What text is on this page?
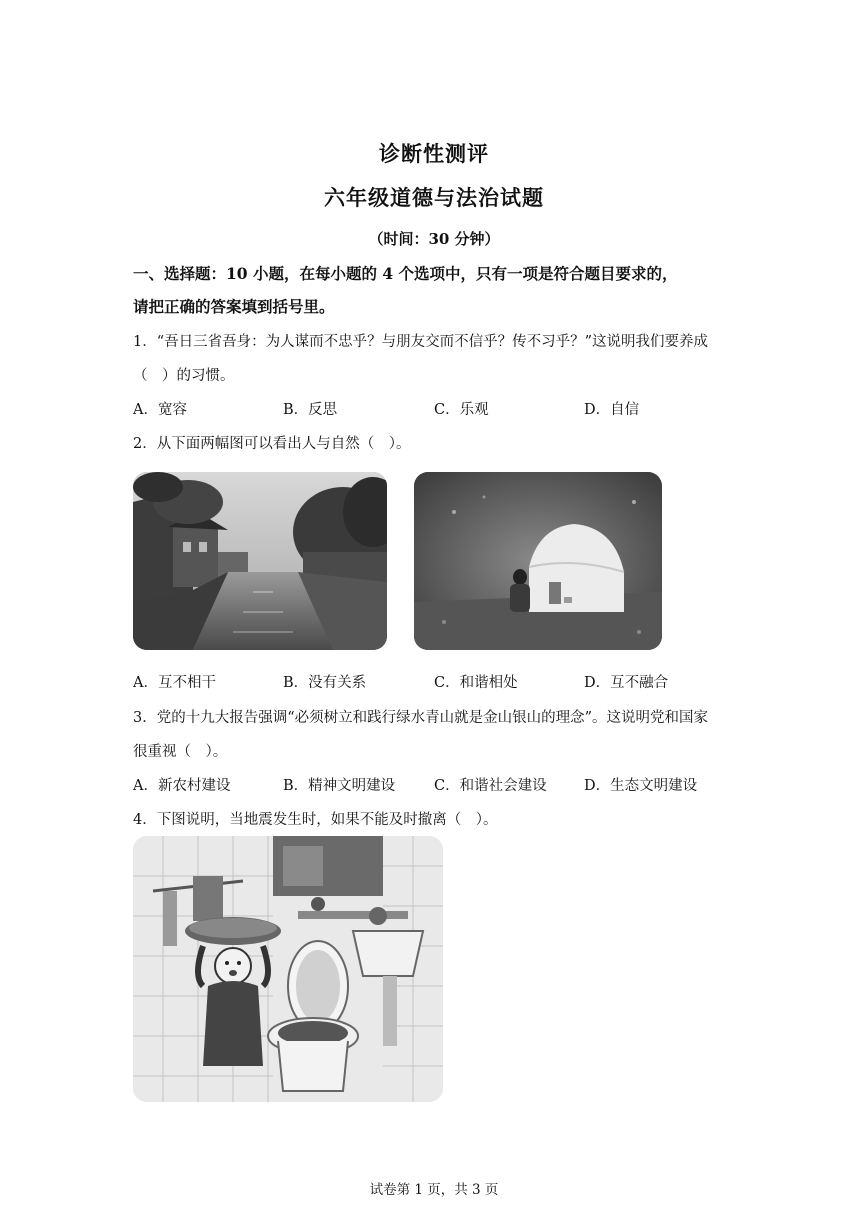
诊断性测评
六年级道德与法治试题
（时间：30 分钟）
一、选择题：10 小题，在每小题的 4 个选项中，只有一项是符合题目要求的，
请把正确的答案填到括号里。
1．“吾日三省吾身：为人谋而不忠乎？与朋友交而不信乎？传不习乎？”这说明我们要养成
（　）的习惯。
A．宽容	B．反思	C．乐观	D．自信
2．从下面两幅图可以看出人与自然（　）。
A．互不相干	B．没有关系	C．和谐相处	D．互不融合
3．党的十九大报告强调“必须树立和践行绿水青山就是金山银山的理念”。这说明党和国家
很重视（　）。
A．新农村建设	B．精神文明建设	C．和谐社会建设	D．生态文明建设
4．下图说明，当地震发生时，如果不能及时撤离（　）。
试卷第 1 页，共 3 页
